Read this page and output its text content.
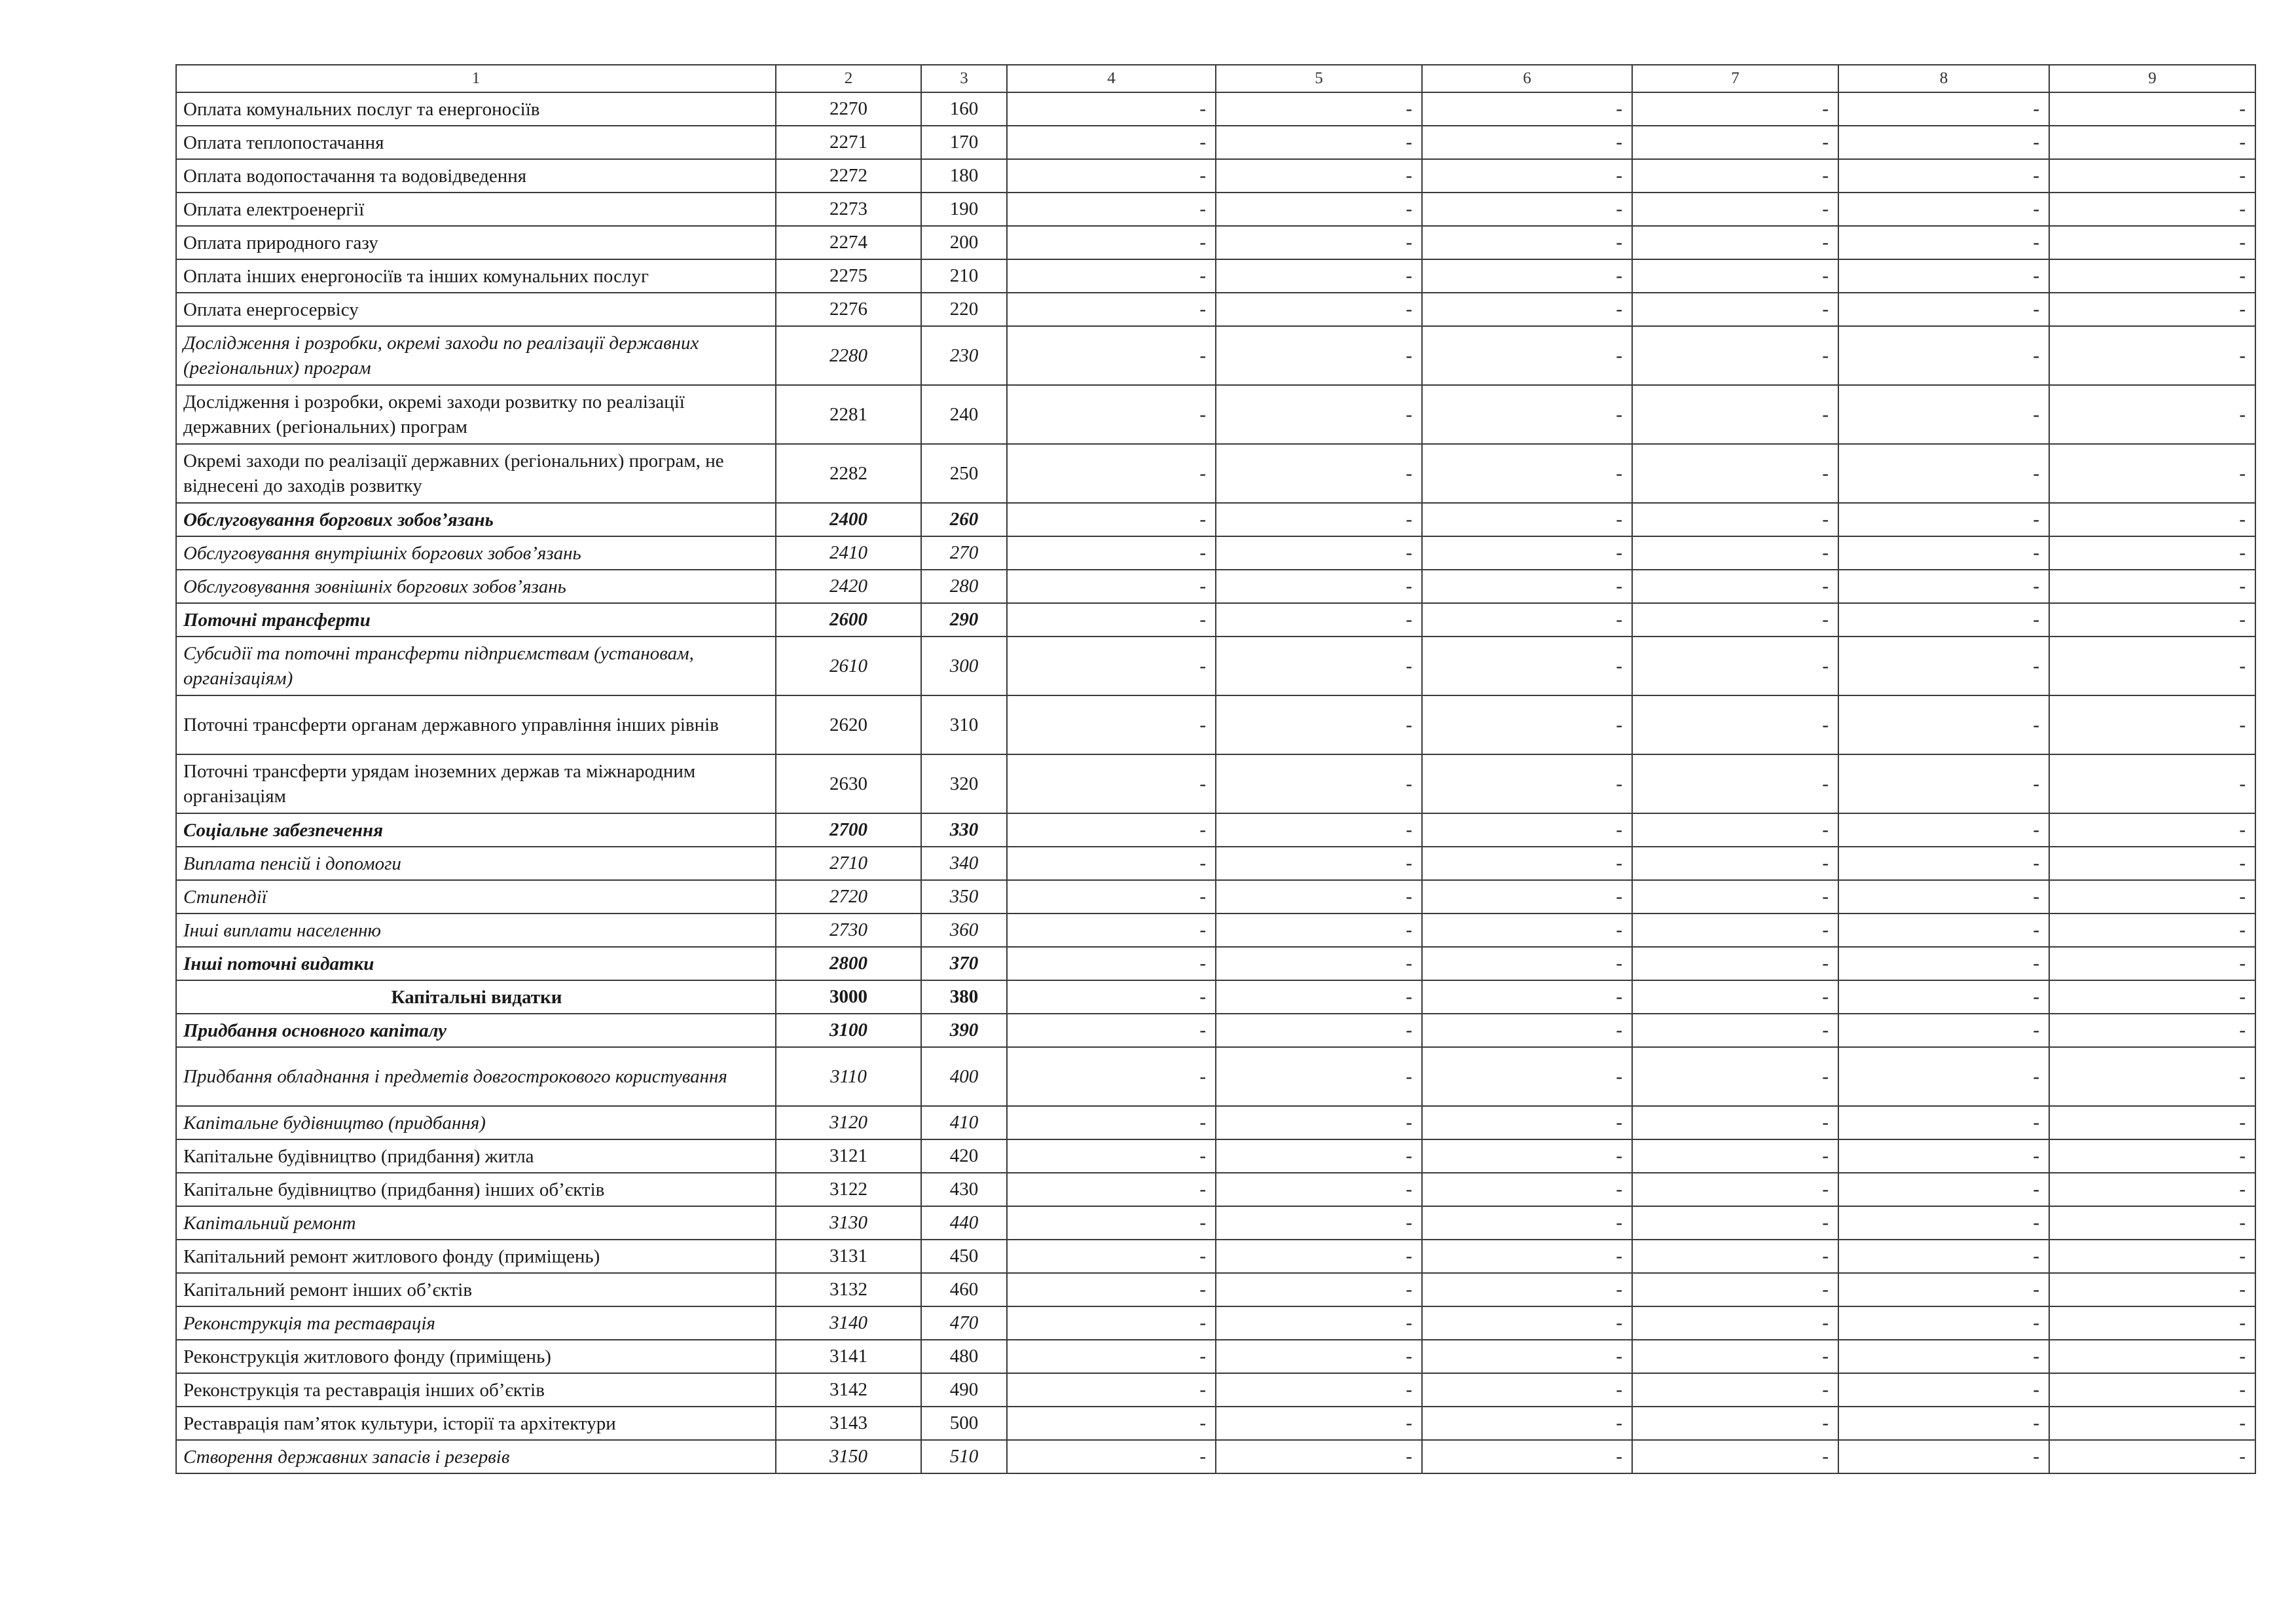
1	2	3	4	5	6	7	8	9
Оплата комунальних послуг та енергоносіїв	2270	160	-	-	-	-	-	-
Оплата теплопостачання	2271	170	-	-	-	-	-	-
Оплата водопостачання та водовідведення	2272	180	-	-	-	-	-	-
Оплата електроенергії	2273	190	-	-	-	-	-	-
Оплата природного газу	2274	200	-	-	-	-	-	-
Оплата інших енергоносіїв та інших комунальних послуг	2275	210	-	-	-	-	-	-
Оплата енергосервісу	2276	220	-	-	-	-	-	-
Дослідження і розробки, окремі заходи по реалізації державних (регіональних) програм	2280	230	-	-	-	-	-	-
Дослідження і розробки, окремі заходи розвитку по реалізації державних (регіональних) програм	2281	240	-	-	-	-	-	-
Окремі заходи по реалізації державних (регіональних) програм, не віднесені до заходів розвитку	2282	250	-	-	-	-	-	-
Обслуговування боргових зобов’язань	2400	260	-	-	-	-	-	-
Обслуговування внутрішніх боргових зобов’язань	2410	270	-	-	-	-	-	-
Обслуговування зовнішніх боргових зобов’язань	2420	280	-	-	-	-	-	-
Поточні трансферти	2600	290	-	-	-	-	-	-
Субсидії та поточні трансферти підприємствам (установам, організаціям)	2610	300	-	-	-	-	-	-
Поточні трансферти органам державного управління інших рівнів	2620	310	-	-	-	-	-	-
Поточні трансферти урядам іноземних держав та міжнародним організаціям	2630	320	-	-	-	-	-	-
Соціальне забезпечення	2700	330	-	-	-	-	-	-
Виплата пенсій і допомоги	2710	340	-	-	-	-	-	-
Стипендії	2720	350	-	-	-	-	-	-
Інші виплати населенню	2730	360	-	-	-	-	-	-
Інші поточні видатки	2800	370	-	-	-	-	-	-
Капітальні видатки	3000	380	-	-	-	-	-	-
Придбання основного капіталу	3100	390	-	-	-	-	-	-
Придбання обладнання і предметів довгострокового користування	3110	400	-	-	-	-	-	-
Капітальне будівництво (придбання)	3120	410	-	-	-	-	-	-
Капітальне будівництво (придбання) житла	3121	420	-	-	-	-	-	-
Капітальне будівництво (придбання) інших об’єктів	3122	430	-	-	-	-	-	-
Капітальний ремонт	3130	440	-	-	-	-	-	-
Капітальний ремонт житлового фонду (приміщень)	3131	450	-	-	-	-	-	-
Капітальний ремонт інших об’єктів	3132	460	-	-	-	-	-	-
Реконструкція та реставрація	3140	470	-	-	-	-	-	-
Реконструкція житлового фонду (приміщень)	3141	480	-	-	-	-	-	-
Реконструкція та реставрація інших об’єктів	3142	490	-	-	-	-	-	-
Реставрація пам’яток культури, історії та архітектури	3143	500	-	-	-	-	-	-
Створення державних запасів і резервів	3150	510	-	-	-	-	-	-
